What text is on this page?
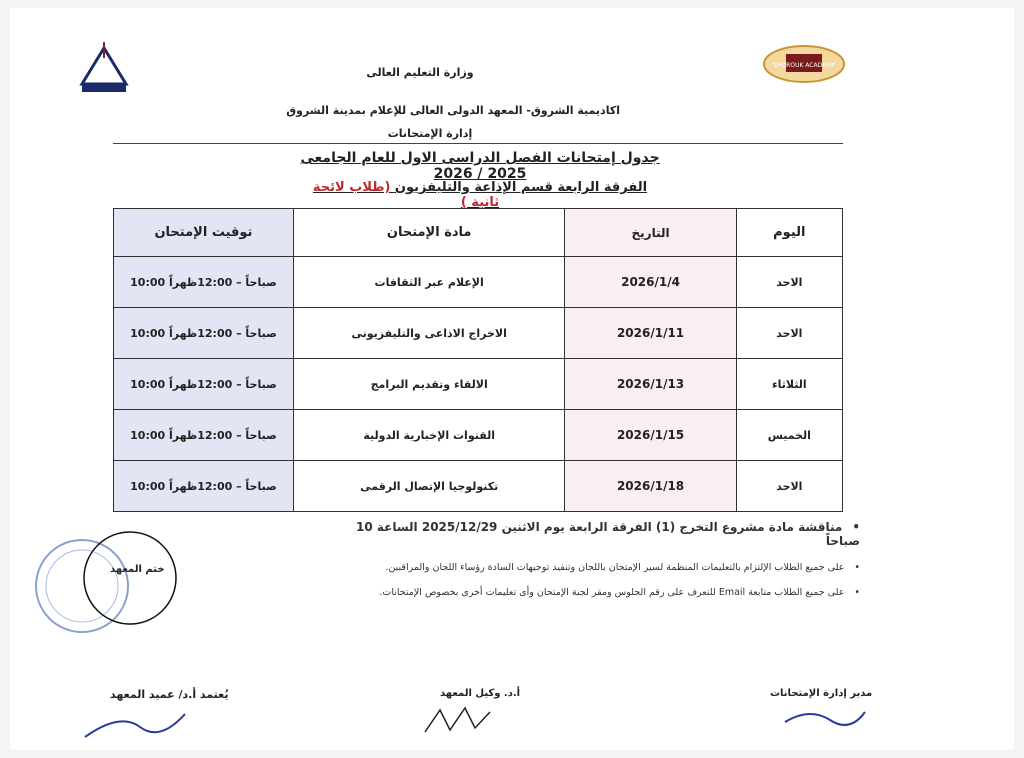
SHOROUK ACADEMY
وزارة التعليم العالى
اكاديمية الشروق- المعهد الدولى العالى للإعلام بمدينة الشروق
إدارة الإمتحانات
جدول إمتحانات الفصل الدراسى الاول للعام الجامعى 2025 / 2026
الفرقة الرابعة قسم الإذاعة والتليفزيون (طلاب لائحة ثانية )
اليوم	التاريخ	مادة الإمتحان	توقيت الإمتحان
الاحد	2026/1/4	الإعلام عبر الثقافات	10:00 صباحاً – 12:00ظهراً
الاحد	2026/1/11	الاخراج الاذاعى والتليفزيونى	10:00 صباحاً – 12:00ظهراً
الثلاثاء	2026/1/13	الالقاء وتقديم البرامج	10:00 صباحاً – 12:00ظهراً
الخميس	2026/1/15	القنوات الإخبارية الدولية	10:00 صباحاً – 12:00ظهراً
الاحد	2026/1/18	تكنولوجيا الإتصال الرقمى	10:00 صباحاً – 12:00ظهراً
• مناقشة مادة مشروع التخرج (1) الفرقة الرابعة يوم الاثنين 2025/12/29 الساعة 10 صباحاً
• على جميع الطلاب الإلتزام بالتعليمات المنظمة لسير الإمتحان باللجان وتنفيذ توجيهات السادة رؤساء اللجان والمراقبين.
• على جميع الطلاب متابعة Email للتعرف على رقم الجلوس ومقر لجنة الإمتحان وأى تعليمات أخرى بخصوص الإمتحانات.
ختم المعهد
مدير إدارة الإمتحانات
أ.د. وكيل المعهد
يُعتمد أ.د/ عميد المعهد
